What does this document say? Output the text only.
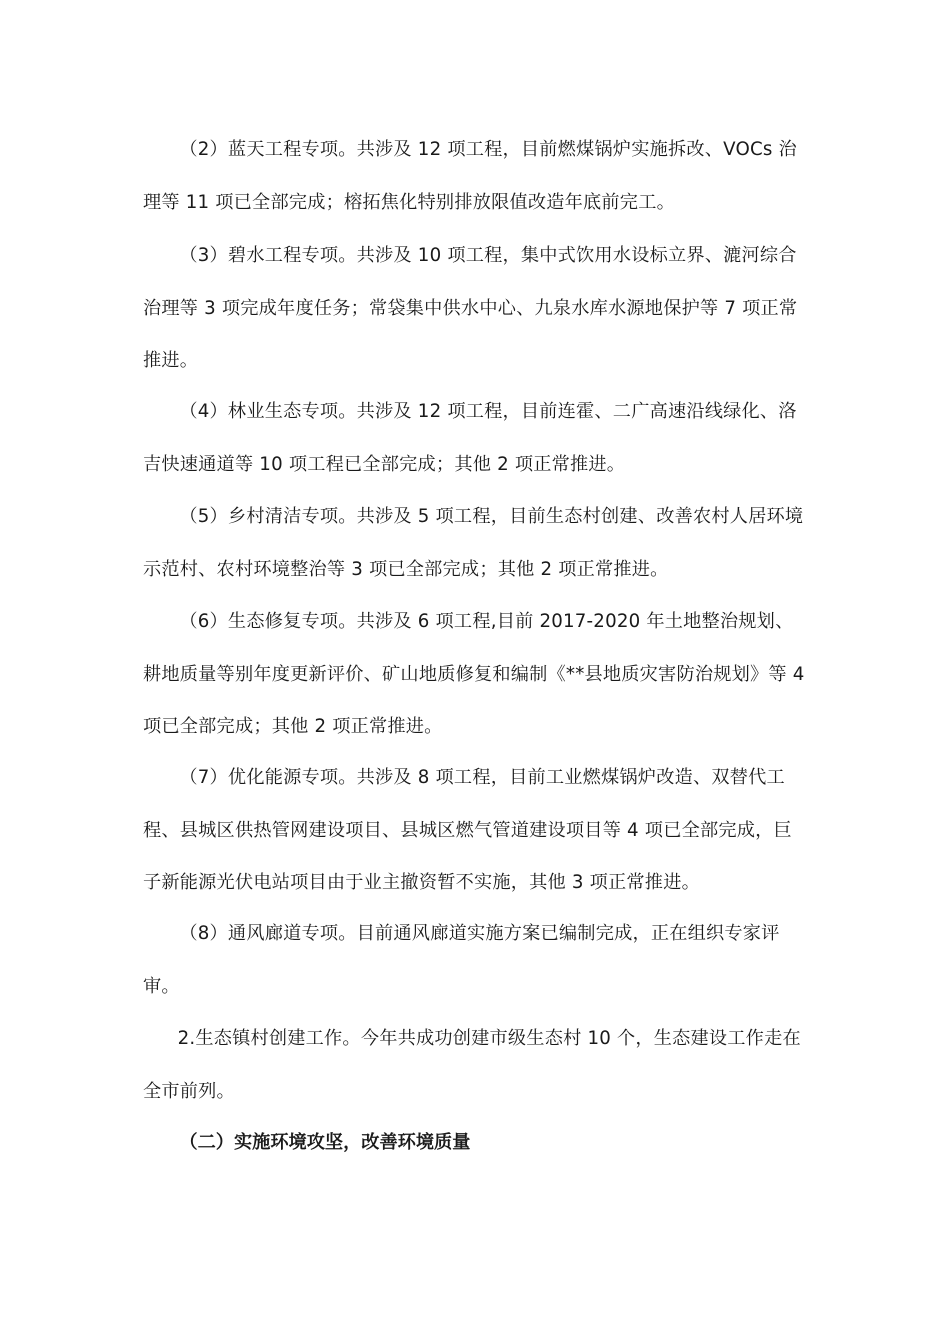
（2）蓝天工程专项。共涉及 12 项工程，目前燃煤锅炉实施拆改、VOCs 治理等 11 项已全部完成；榕拓焦化特别排放限值改造年底前完工。

（3）碧水工程专项。共涉及 10 项工程，集中式饮用水设标立界、漉河综合治理等 3 项完成年度任务；常袋集中供水中心、九泉水库水源地保护等 7 项正常推进。

（4）林业生态专项。共涉及 12 项工程，目前连霍、二广高速沿线绿化、洛吉快速通道等 10 项工程已全部完成；其他 2 项正常推进。

（5）乡村清洁专项。共涉及 5 项工程，目前生态村创建、改善农村人居环境示范村、农村环境整治等 3 项已全部完成；其他 2 项正常推进。

（6）生态修复专项。共涉及 6 项工程,目前 2017-2020 年土地整治规划、耕地质量等别年度更新评价、矿山地质修复和编制《**县地质灾害防治规划》等 4 项已全部完成；其他 2 项正常推进。

（7）优化能源专项。共涉及 8 项工程，目前工业燃煤锅炉改造、双替代工程、县城区供热管网建设项目、县城区燃气管道建设项目等 4 项已全部完成，巨子新能源光伏电站项目由于业主撤资暂不实施，其他 3 项正常推进。

（8）通风廊道专项。目前通风廊道实施方案已编制完成，正在组织专家评审。

2.生态镇村创建工作。今年共成功创建市级生态村 10 个，生态建设工作走在全市前列。

（二）实施环境攻坚，改善环境质量
